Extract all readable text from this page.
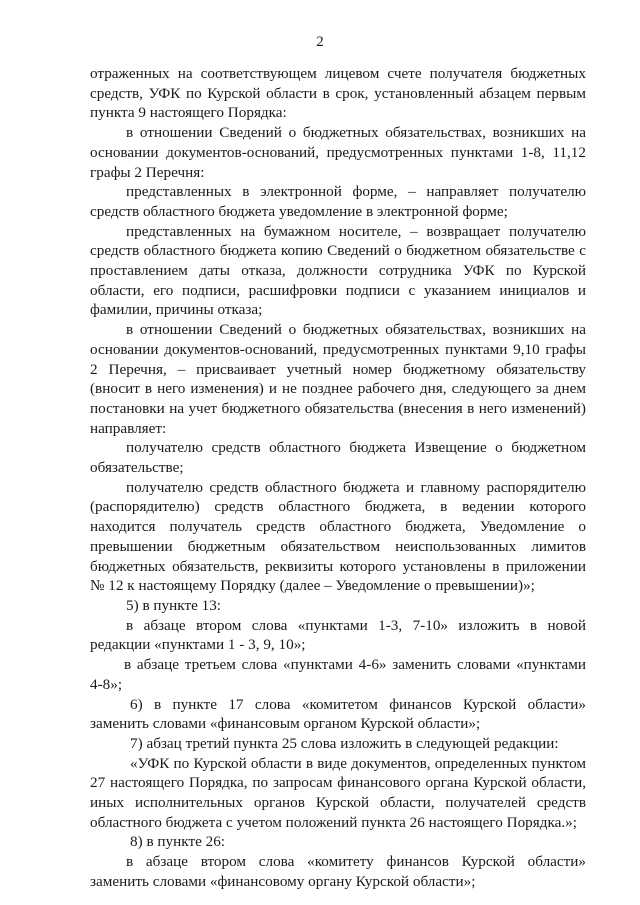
2

отраженных на соответствующем лицевом счете получателя бюджетных средств, УФК по Курской области в срок, установленный абзацем первым пункта 9 настоящего Порядка:

в отношении Сведений о бюджетных обязательствах, возникших на основании документов-оснований, предусмотренных пунктами 1-8, 11,12 графы 2 Перечня:

представленных в электронной форме, – направляет получателю средств областного бюджета уведомление в электронной форме;

представленных на бумажном носителе, – возвращает получателю средств областного бюджета копию Сведений о бюджетном обязательстве с проставлением даты отказа, должности сотрудника УФК по Курской области, его подписи, расшифровки подписи с указанием инициалов и фамилии, причины отказа;

в отношении Сведений о бюджетных обязательствах, возникших на основании документов-оснований, предусмотренных пунктами 9,10 графы 2 Перечня, – присваивает учетный номер бюджетному обязательству (вносит в него изменения) и не позднее рабочего дня, следующего за днем постановки на учет бюджетного обязательства (внесения в него изменений) направляет:

получателю средств областного бюджета Извещение о бюджетном обязательстве;

получателю средств областного бюджета и главному распорядителю (распорядителю) средств областного бюджета, в ведении которого находится получатель средств областного бюджета, Уведомление о превышении бюджетным обязательством неиспользованных лимитов бюджетных обязательств, реквизиты которого установлены в приложении № 12 к настоящему Порядку (далее – Уведомление о превышении)»;

5) в пункте 13:

в абзаце втором слова «пунктами 1-3, 7-10» изложить в новой редакции «пунктами 1 - 3, 9, 10»;

в абзаце третьем слова «пунктами 4-6» заменить словами «пунктами 4-8»;

6) в пункте 17 слова «комитетом финансов Курской области» заменить словами «финансовым органом Курской области»;

7) абзац третий пункта 25 слова изложить в следующей редакции:

«УФК по Курской области в виде документов, определенных пунктом 27 настоящего Порядка, по запросам финансового органа Курской области, иных исполнительных органов Курской области, получателей средств областного бюджета с учетом положений пункта 26 настоящего Порядка.»;

8) в пункте 26:

в абзаце втором слова «комитету финансов Курской области» заменить словами «финансовому органу Курской области»;
